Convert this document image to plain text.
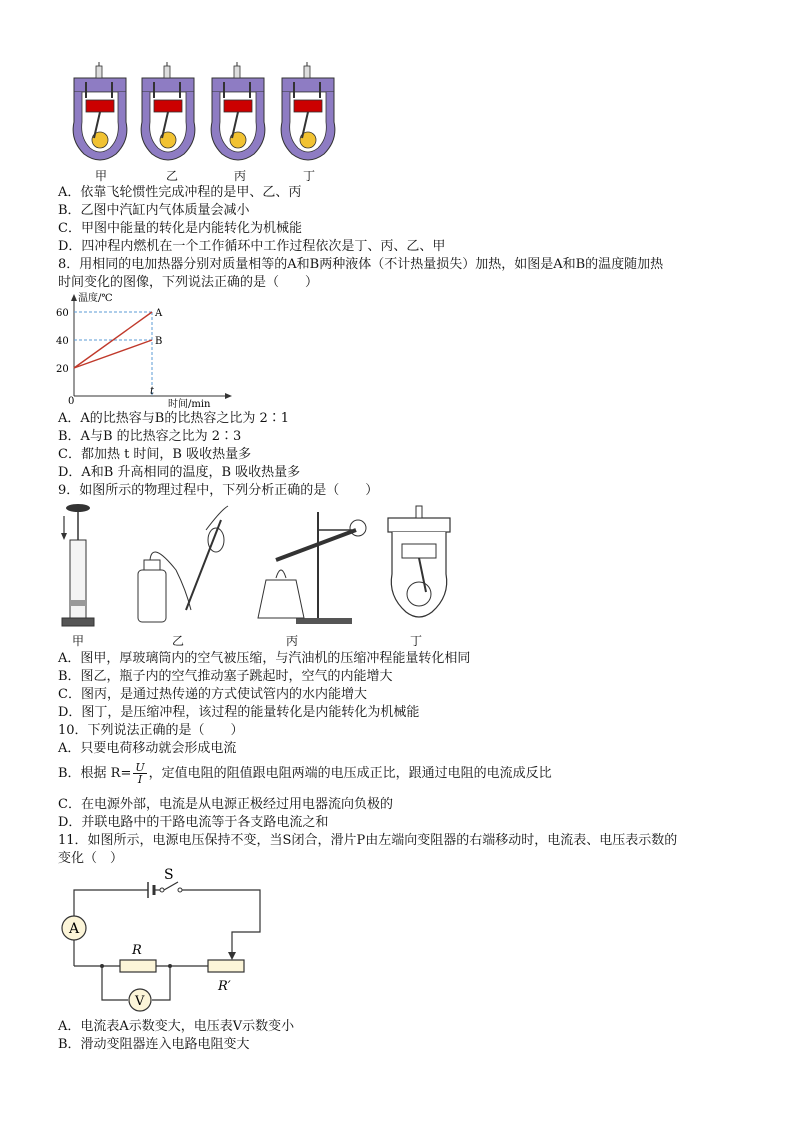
甲	乙	丙	丁
A．依靠飞轮惯性完成冲程的是甲、乙、丙
B．乙图中汽缸内气体质量会减小
C．甲图中能量的转化是内能转化为机械能
D．四冲程内燃机在一个工作循环中工作过程依次是丁、丙、乙、甲
8．用相同的电加热器分别对质量相等的A和B两种液体（不计热量损失）加热，如图是A和B的温度随加热
时间变化的图像，下列说法正确的是（　　）
温度/℃
时间/min
0
20
40
60
t
A
B
A．A的比热容与B的比热容之比为 2∶1
B．A与B 的比热容之比为 2∶3
C．都加热 t 时间，B 吸收热量多
D．A和B 升高相同的温度，B 吸收热量多
9．如图所示的物理过程中，下列分析正确的是（　　）
甲	乙	丙	丁
A．图甲，厚玻璃筒内的空气被压缩，与汽油机的压缩冲程能量转化相同
B．图乙，瓶子内的空气推动塞子跳起时，空气的内能增大
C．图丙，是通过热传递的方式使试管内的水内能增大
D．图丁，是压缩冲程，该过程的能量转化是内能转化为机械能
10．下列说法正确的是（　　）
A．只要电荷移动就会形成电流
B．根据 $R= \frac{U}{I}$ ，定值电阻的阻值跟电阻两端的电压成正比，跟通过电阻的电流成反比
C．在电源外部，电流是从电源正极经过用电器流向负极的
D．并联电路中的干路电流等于各支路电流之和
11．如图所示，电源电压保持不变，当S闭合，滑片P由左端向变阻器的右端移动时，电流表、电压表示数的
变化（　）
S
A
R
V
R′
A．电流表A示数变大，电压表V示数变小
B．滑动变阻器连入电路电阻变大
